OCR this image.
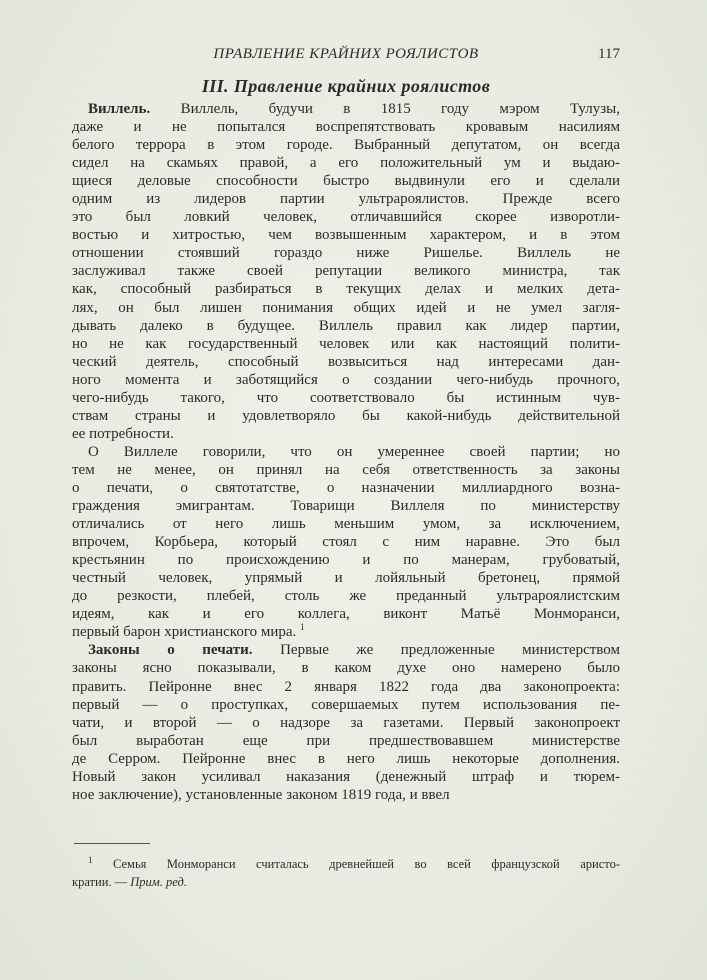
ПРАВЛЕНИЕ КРАЙНИХ РОЯЛИСТОВ	117
III. Правление крайних роялистов
Виллель. Виллель, будучи в 1815 году мэром Тулузы,
даже и не попытался воспрепятствовать кровавым насилиям
белого террора в этом городе. Выбранный депутатом, он всегда
сидел на скамьях правой, а его положительный ум и выдаю-
щиеся деловые способности быстро выдвинули его и сделали
одним из лидеров партии ультрароялистов. Прежде всего
это был ловкий человек, отличавшийся скорее изворотли-
востью и хитростью, чем возвышенным характером, и в этом
отношении стоявший гораздо ниже Ришелье. Виллель не
заслуживал также своей репутации великого министра, так
как, способный разбираться в текущих делах и мелких дета-
лях, он был лишен понимания общих идей и не умел загля-
дывать далеко в будущее. Виллель правил как лидер партии,
но не как государственный человек или как настоящий полити-
ческий деятель, способный возвыситься над интересами дан-
ного момента и заботящийся о создании чего-нибудь прочного,
чего-нибудь такого, что соответствовало бы истинным чув-
ствам страны и удовлетворяло бы какой-нибудь действительной
ее потребности.
О Виллеле говорили, что он умереннее своей партии; но
тем не менее, он принял на себя ответственность за законы
о печати, о святотатстве, о назначении миллиардного возна-
граждения эмигрантам. Товарищи Виллеля по министерству
отличались от него лишь меньшим умом, за исключением,
впрочем, Корбьера, который стоял с ним наравне. Это был
крестьянин по происхождению и по манерам, грубоватый,
честный человек, упрямый и лойяльный бретонец, прямой
до резкости, плебей, столь же преданный ультрароялистским
идеям, как и его коллега, виконт Матьё Монморанси,
первый барон христианского мира. $^1$
Законы о печати. Первые же предложенные министерством
законы ясно показывали, в каком духе оно намерено было
править. Пейронне внес 2 января 1822 года два законопроекта:
первый — о проступках, совершаемых путем использования пе-
чати, и второй — о надзоре за газетами. Первый законопроект
был выработан еще при предшествовавшем министерстве
де Серром. Пейронне внес в него лишь некоторые дополнения.
Новый закон усиливал наказания (денежный штраф и тюрем-
ное заключение), установленные законом 1819 года, и ввел
$^1$ Семья Монморанси считалась древнейшей во всей французской аристо-
кратии. — Прим. ред.
